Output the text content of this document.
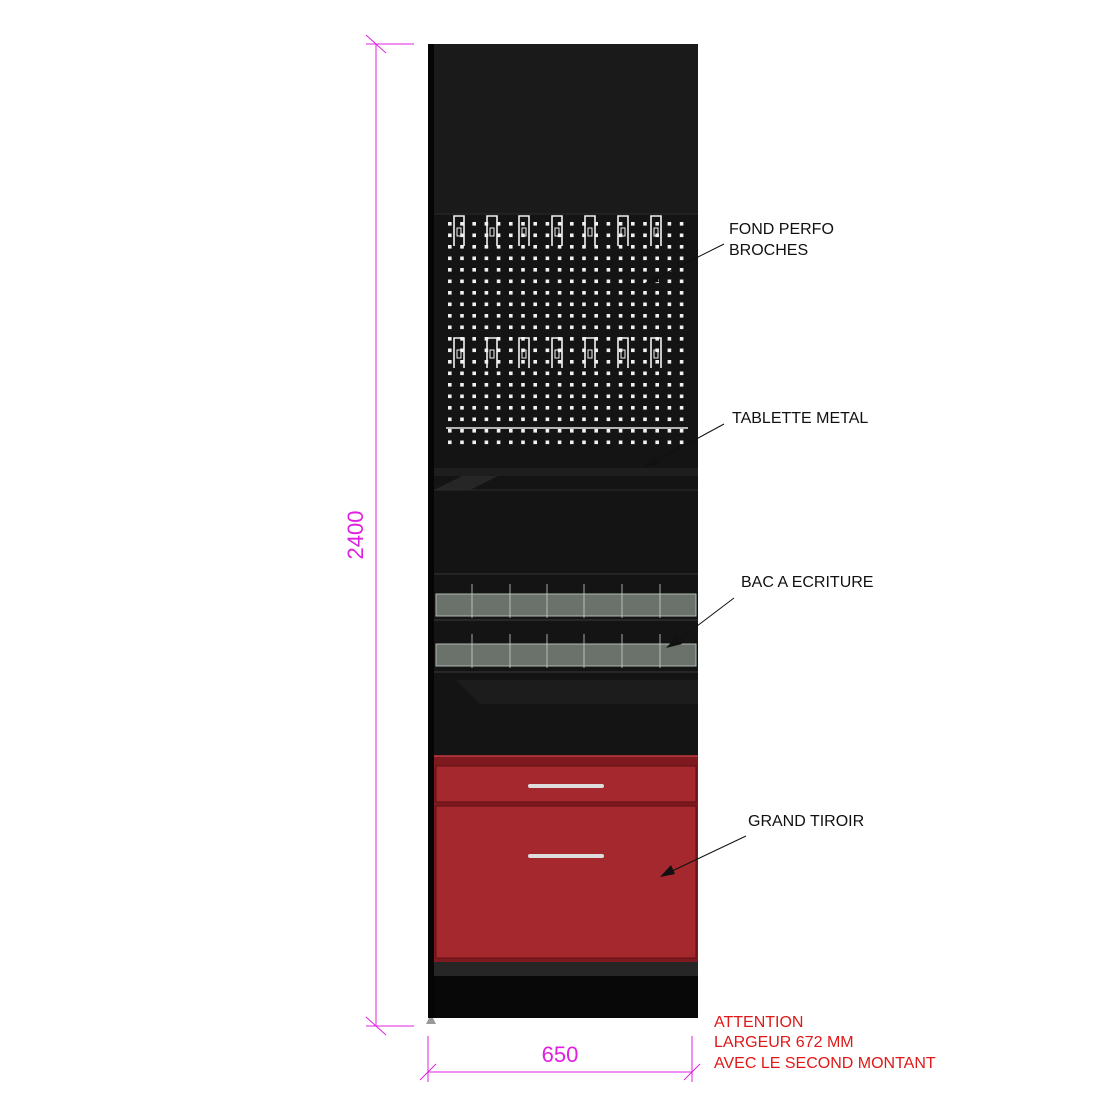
2400
650
FOND PERFO
BROCHES
TABLETTE METAL
BAC A ECRITURE
GRAND TIROIR
ATTENTION
LARGEUR 672 MM
AVEC LE SECOND MONTANT
